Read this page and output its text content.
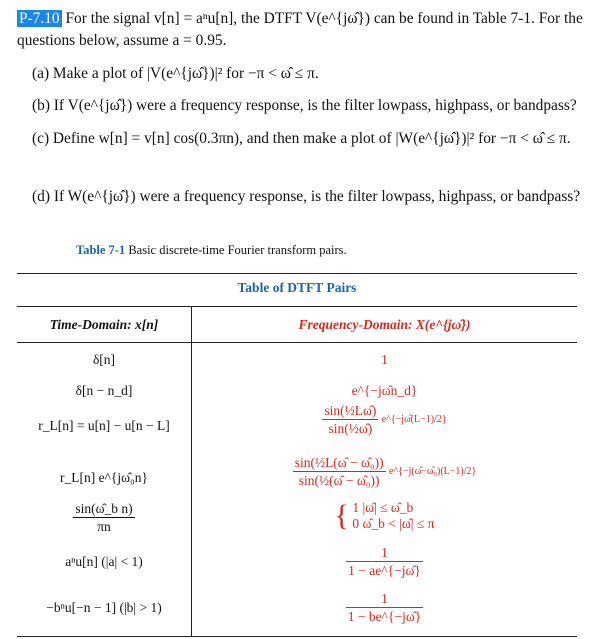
P-7.10 For the signal v[n] = aⁿu[n], the DTFT V(e^{jω̂}) can be found in Table 7-1. For the questions below, assume a = 0.95.
(a) Make a plot of |V(e^{jω̂})|² for −π < ω̂ ≤ π.
(b) If V(e^{jω̂}) were a frequency response, is the filter lowpass, highpass, or bandpass?
(c) Define w[n] = v[n] cos(0.3πn), and then make a plot of |W(e^{jω̂})|² for −π < ω̂ ≤ π.
(d) If W(e^{jω̂}) were a frequency response, is the filter lowpass, highpass, or bandpass?
Table 7-1 Basic discrete-time Fourier transform pairs.
Table of DTFT Pairs
Time-Domain: x[n]	Frequency-Domain: X(e^{jω̂})
δ[n]	1
δ[n − n_d]	e^{−jω̂n_d}
r_L[n] = u[n] − u[n − L]	$\frac{\text{sin(½Lω̂)}}{\text{sin(½ω̂)}}$ e^{−jω̂(L−1)/2}
r_L[n] e^{jω̂₀n}	$\frac{\text{sin(½L(ω̂ − ω̂₀))}}{\text{sin(½(ω̂ − ω̂₀))}}$ e^{−j(ω̂−ω̂₀)(L−1)/2}
$\frac{\text{sin(ω̂\_b n)}}{\pi n}$	{ 1 |ω̂| ≤ ω̂_b
0 ω̂_b < |ω̂| ≤ π
aⁿu[n] (|a| < 1)	$\frac{1}{1 - ae\^{}\{-j\omegâ\}}$
−bⁿu[−n − 1] (|b| > 1)	$\frac{1}{1 - be\^{}\{-j\omegâ\}}$
